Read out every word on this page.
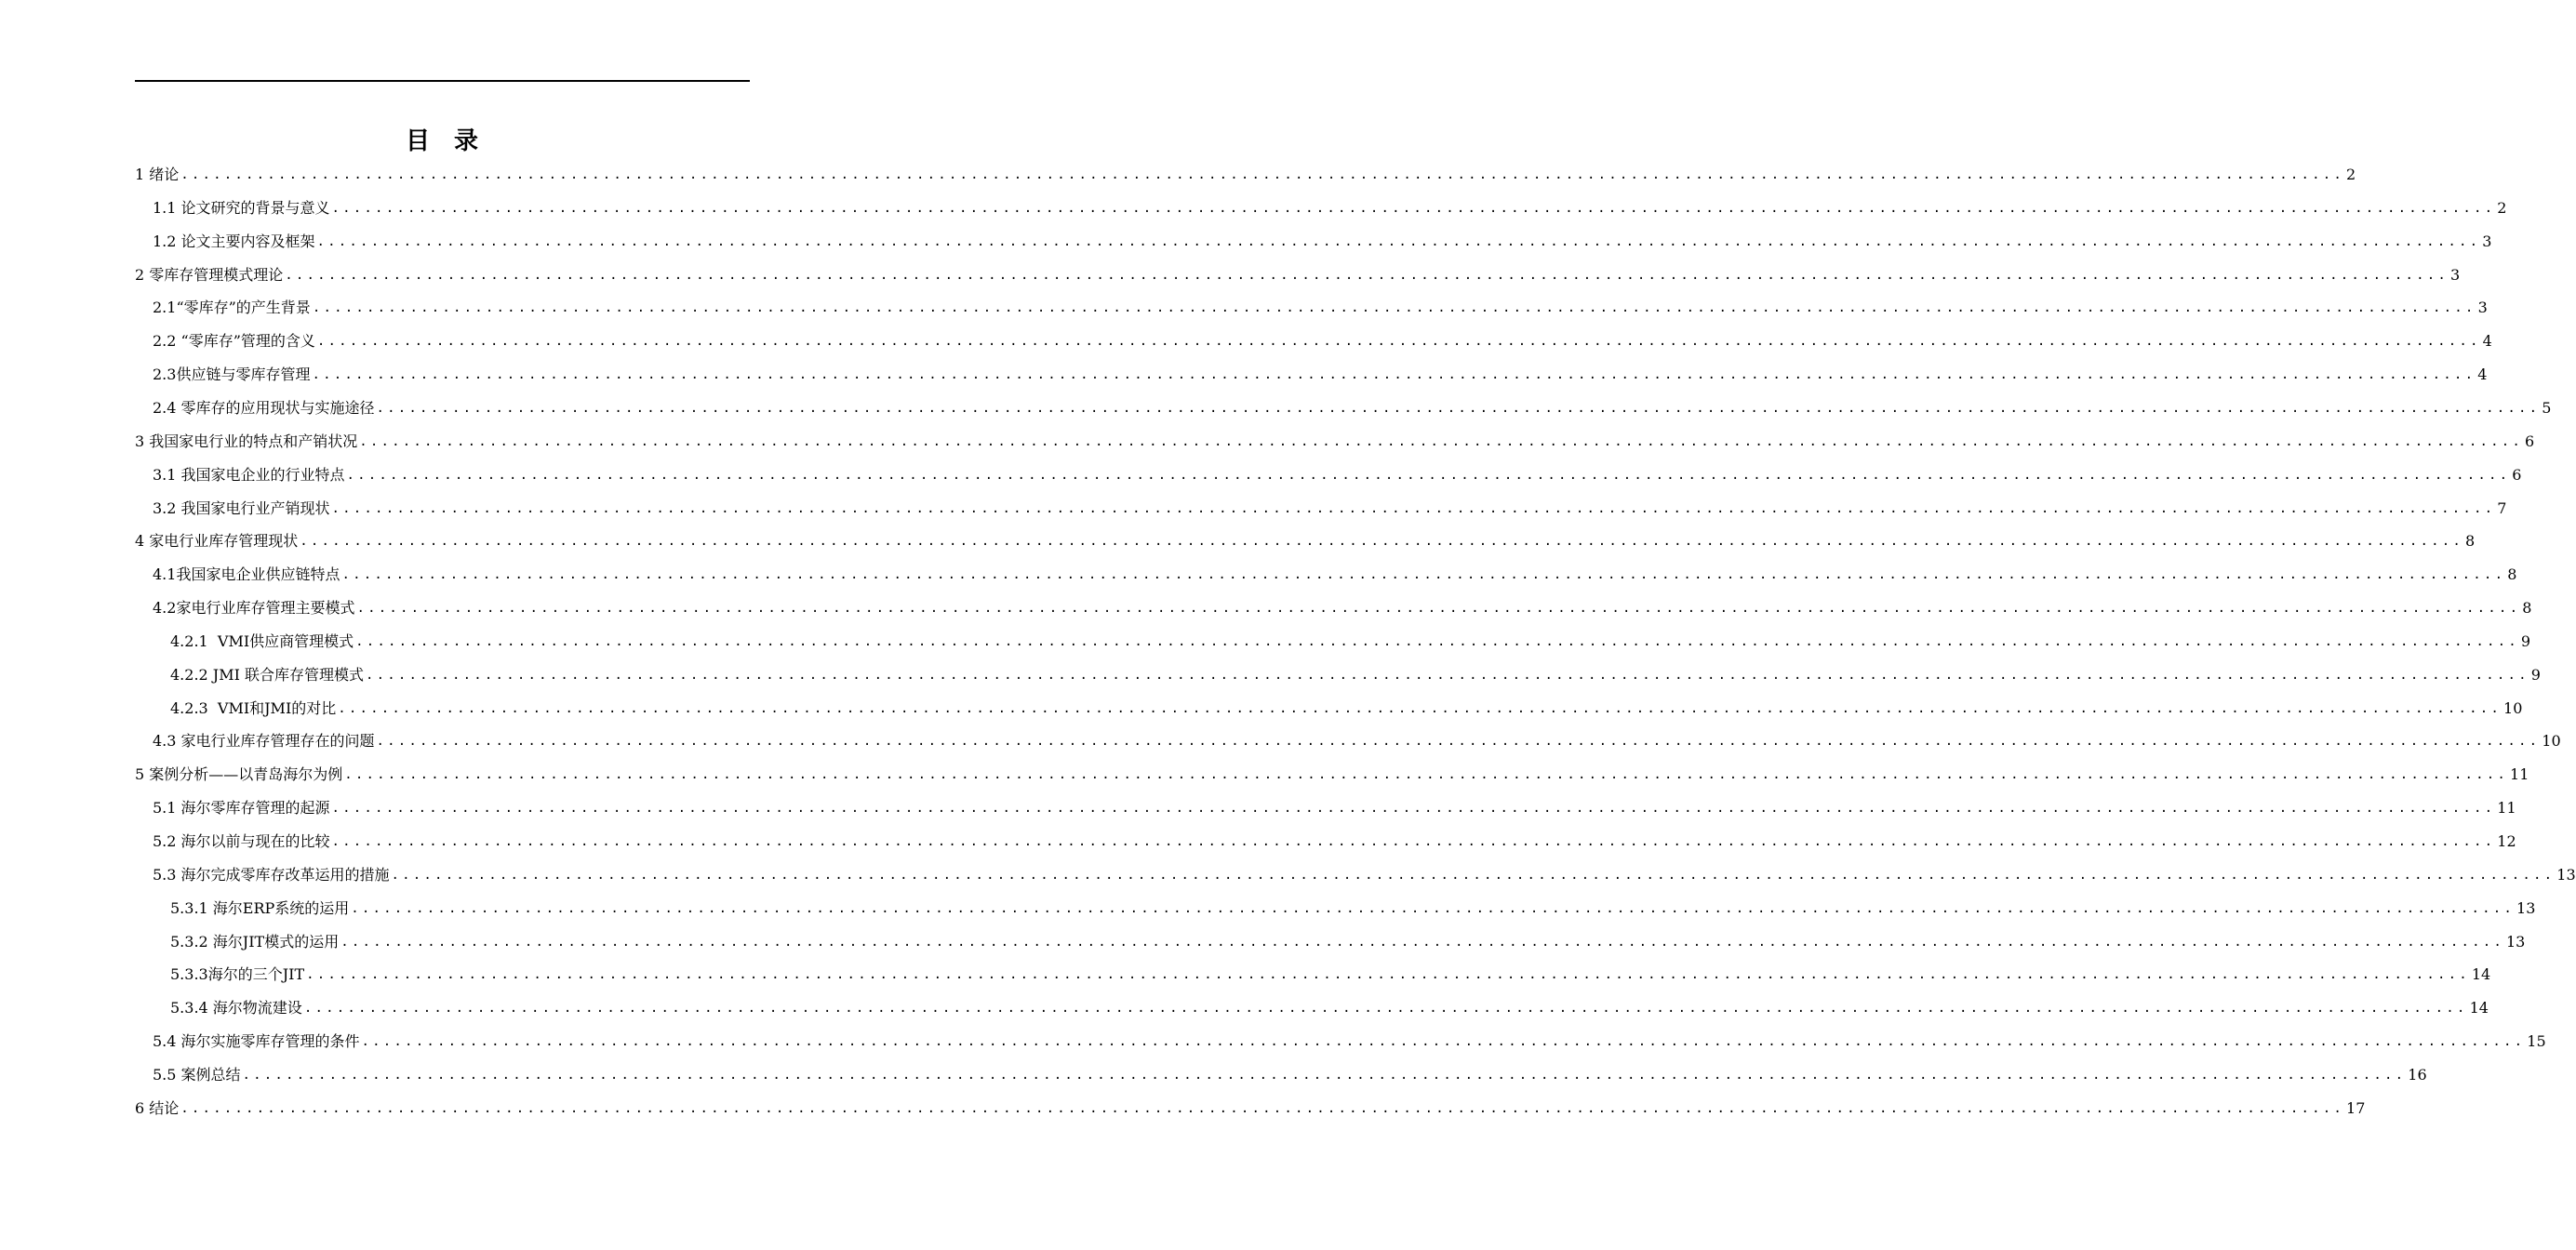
目 录
1 绪论 ........................................................................................................................................................................................................ 2
1.1 论文研究的背景与意义 ........................................................................................................................................................................................................ 2
1.2 论文主要内容及框架 ........................................................................................................................................................................................................ 3
2 零库存管理模式理论 ........................................................................................................................................................................................................ 3
2.1“零库存”的产生背景 ........................................................................................................................................................................................................ 3
2.2 “零库存”管理的含义 ........................................................................................................................................................................................................ 4
2.3供应链与零库存管理 ........................................................................................................................................................................................................ 4
2.4 零库存的应用现状与实施途径 ........................................................................................................................................................................................................ 5
3 我国家电行业的特点和产销状况 ........................................................................................................................................................................................................ 6
3.1 我国家电企业的行业特点 ........................................................................................................................................................................................................ 6
3.2 我国家电行业产销现状 ........................................................................................................................................................................................................ 7
4 家电行业库存管理现状 ........................................................................................................................................................................................................ 8
4.1我国家电企业供应链特点 ........................................................................................................................................................................................................ 8
4.2家电行业库存管理主要模式 ........................................................................................................................................................................................................ 8
4.2.1  VMI供应商管理模式 ........................................................................................................................................................................................................ 9
4.2.2 JMI 联合库存管理模式 ........................................................................................................................................................................................................ 9
4.2.3  VMI和JMI的对比 ........................................................................................................................................................................................................ 10
4.3 家电行业库存管理存在的问题 ........................................................................................................................................................................................................ 10
5 案例分析——以青岛海尔为例 ........................................................................................................................................................................................................ 11
5.1 海尔零库存管理的起源 ........................................................................................................................................................................................................ 11
5.2 海尔以前与现在的比较 ........................................................................................................................................................................................................ 12
5.3 海尔完成零库存改革运用的措施 ........................................................................................................................................................................................................ 13
5.3.1 海尔ERP系统的运用 ........................................................................................................................................................................................................ 13
5.3.2 海尔JIT模式的运用 ........................................................................................................................................................................................................ 13
5.3.3海尔的三个JIT ........................................................................................................................................................................................................ 14
5.3.4 海尔物流建设 ........................................................................................................................................................................................................ 14
5.4 海尔实施零库存管理的条件 ........................................................................................................................................................................................................ 15
5.5 案例总结 ........................................................................................................................................................................................................ 16
6 结论 ........................................................................................................................................................................................................ 17
